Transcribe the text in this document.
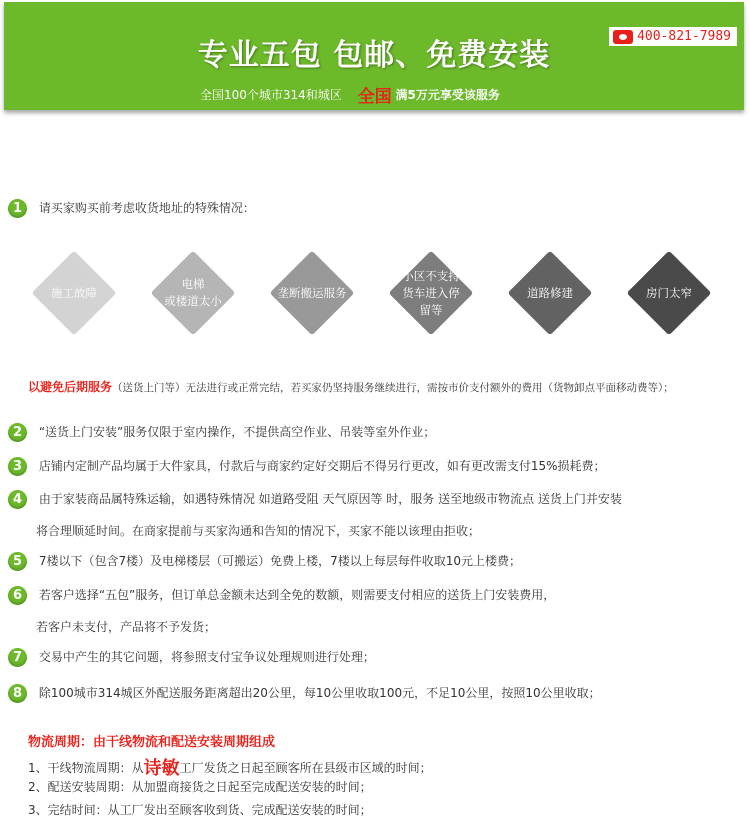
专业五包 包邮、免费安装
全国100个城市314和城区 全国 满5万元享受该服务
400-821-7989
1 请买家购买前考虑收货地址的特殊情况：
施工故障
电梯
或楼道太小
垄断搬运服务
小区不支持
货车进入停
留等
道路修建	房门太窄
以避免后期服务（送货上门等）无法进行或正常完结，若买家仍坚持服务继续进行，需按市价支付额外的费用（货物卸点平面移动费等）；
2 “送货上门安装”服务仅限于室内操作，不提供高空作业、吊装等室外作业；
3 店铺内定制产品均属于大件家具，付款后与商家约定好交期后不得另行更改，如有更改需支付15%损耗费；
4 由于家装商品属特殊运输，如遇特殊情况 如道路受阻 天气原因等 时，服务 送至地级市物流点 送货上门并安装
将合理顺延时间。在商家提前与买家沟通和告知的情况下，买家不能以该理由拒收；
5 7楼以下（包含7楼）及电梯楼层（可搬运）免费上楼，7楼以上每层每件收取10元上楼费；
6 若客户选择“五包”服务，但订单总金额未达到全免的数额，则需要支付相应的送货上门安装费用，
若客户未支付，产品将不予发货；
7 交易中产生的其它问题，将参照支付宝争议处理规则进行处理；
8 除100城市314城区外配送服务距离超出20公里，每10公里收取100元，不足10公里，按照10公里收取；
物流周期：由干线物流和配送安装周期组成
1、干线物流周期：从诗敏工厂发货之日起至顾客所在县级市区域的时间；
2、配送安装周期：从加盟商接货之日起至完成配送安装的时间；
3、完结时间：从工厂发出至顾客收到货、完成配送安装的时间；
